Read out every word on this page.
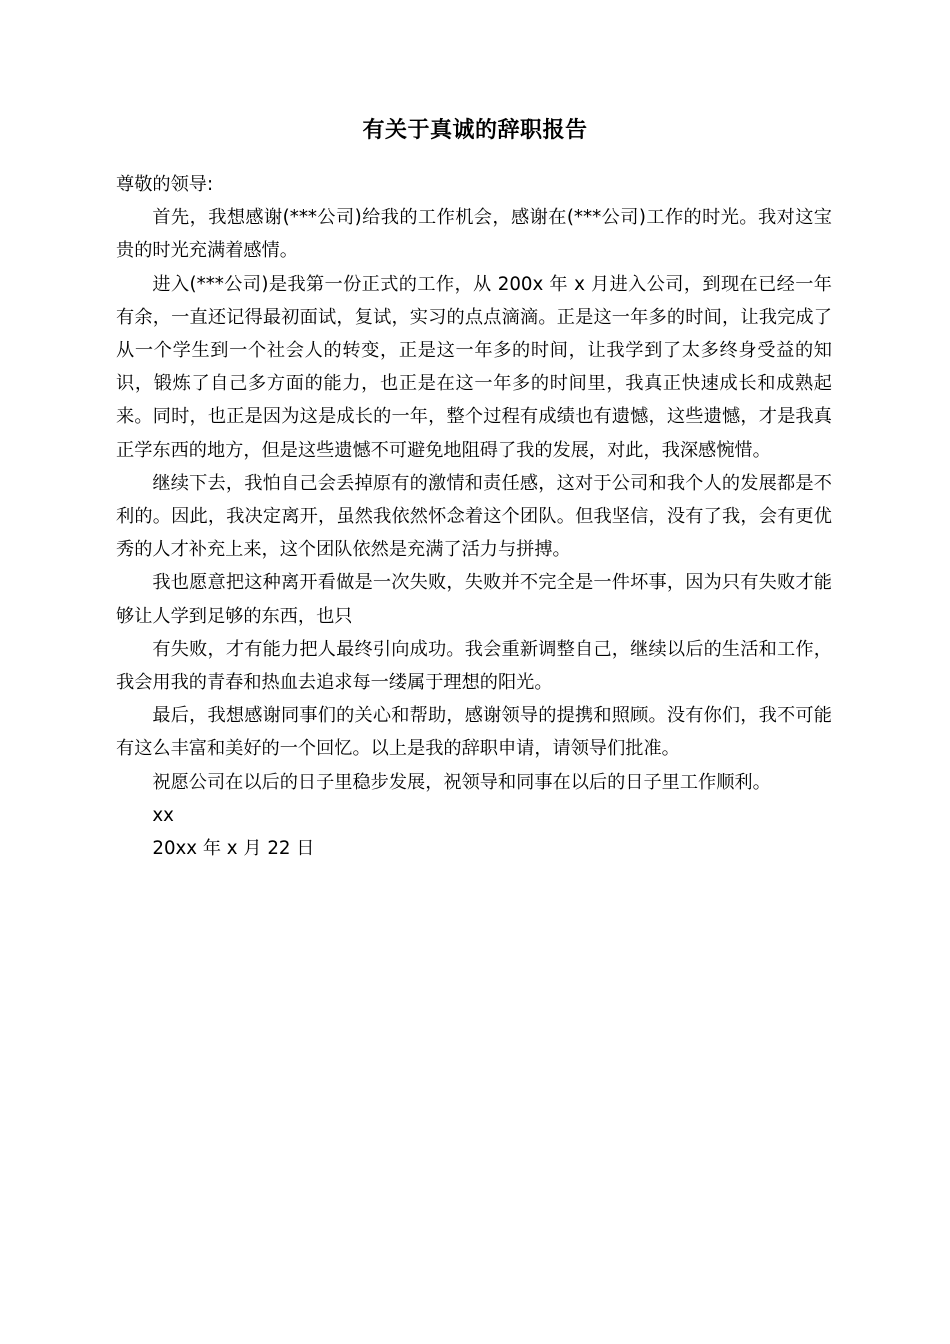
有关于真诚的辞职报告

尊敬的领导:

首先，我想感谢(***公司)给我的工作机会，感谢在(***公司)工作的时光。我对这宝贵的时光充满着感情。

进入(***公司)是我第一份正式的工作，从 200x 年 x 月进入公司，到现在已经一年有余，一直还记得最初面试，复试，实习的点点滴滴。正是这一年多的时间，让我完成了从一个学生到一个社会人的转变，正是这一年多的时间，让我学到了太多终身受益的知识，锻炼了自己多方面的能力，也正是在这一年多的时间里，我真正快速成长和成熟起来。同时，也正是因为这是成长的一年，整个过程有成绩也有遗憾，这些遗憾，才是我真正学东西的地方，但是这些遗憾不可避免地阻碍了我的发展，对此，我深感惋惜。

继续下去，我怕自己会丢掉原有的激情和责任感，这对于公司和我个人的发展都是不利的。因此，我决定离开，虽然我依然怀念着这个团队。但我坚信，没有了我，会有更优秀的人才补充上来，这个团队依然是充满了活力与拼搏。

我也愿意把这种离开看做是一次失败，失败并不完全是一件坏事，因为只有失败才能够让人学到足够的东西，也只

有失败，才有能力把人最终引向成功。我会重新调整自己，继续以后的生活和工作，我会用我的青春和热血去追求每一缕属于理想的阳光。

最后，我想感谢同事们的关心和帮助，感谢领导的提携和照顾。没有你们，我不可能有这么丰富和美好的一个回忆。以上是我的辞职申请，请领导们批准。

祝愿公司在以后的日子里稳步发展，祝领导和同事在以后的日子里工作顺利。

xx

20xx 年 x 月 22 日
